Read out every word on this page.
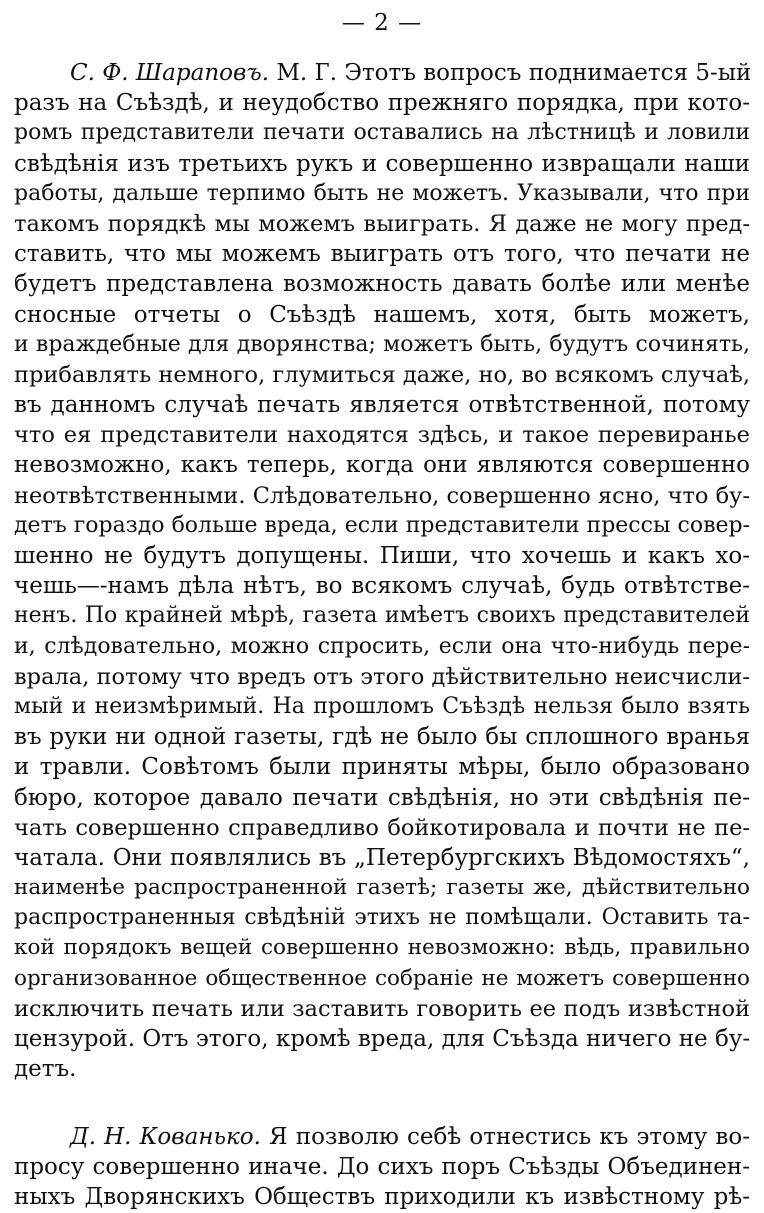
— 2 —
С. Ф. Шараповъ. М. Г. Этотъ вопросъ поднимается 5-ый
разъ на Съѣздѣ, и неудобство прежняго порядка, при кото-
ромъ представители печати оставались на лѣстницѣ и ловили
свѣдѣнія изъ третьихъ рукъ и совершенно извращали наши
работы, дальше терпимо быть не можетъ. Указывали, что при
такомъ порядкѣ мы можемъ выиграть. Я даже не могу пред-
ставить, что мы можемъ выиграть отъ того, что печати не
будетъ представлена возможность давать болѣе или менѣе
сносные отчеты о Съѣздѣ нашемъ, хотя, быть можетъ,
и враждебные для дворянства; можетъ быть, будутъ сочинять,
прибавлять немного, глумиться даже, но, во всякомъ случаѣ,
въ данномъ случаѣ печать является отвѣтственной, потому
что ея представители находятся здѣсь, и такое перевиранье
невозможно, какъ теперь, когда они являются совершенно
неотвѣтственными. Слѣдовательно, совершенно ясно, что бу-
детъ гораздо больше вреда, если представители прессы совер-
шенно не будутъ допущены. Пиши, что хочешь и какъ хо-
чешь—-намъ дѣла нѣтъ, во всякомъ случаѣ, будь отвѣтстве-
ненъ. По крайней мѣрѣ, газета имѣетъ своихъ представителей
и, слѣдовательно, можно спросить, если она что-нибудь пере-
врала, потому что вредъ отъ этого дѣйствительно неисчисли-
мый и неизмѣримый. На прошломъ Съѣздѣ нельзя было взять
въ руки ни одной газеты, гдѣ не было бы сплошного вранья
и травли. Совѣтомъ были приняты мѣры, было образовано
бюро, которое давало печати свѣдѣнія, но эти свѣдѣнія пе-
чать совершенно справедливо бойкотировала и почти не пе-
чатала. Они появлялись въ „Петербургскихъ Вѣдомостяхъ“,
наименѣе распространенной газетѣ; газеты же, дѣйствительно
распространенныя свѣдѣній этихъ не помѣщали. Оставить та-
кой порядокъ вещей совершенно невозможно: вѣдь, правильно
организованное общественное собраніе не можетъ совершенно
исключить печать или заставить говорить ее подъ извѣстной
цензурой. Отъ этого, кромѣ вреда, для Съѣзда ничего не бу-
детъ.
Д. Н. Кованько. Я позволю себѣ отнестись къ этому во-
просу совершенно иначе. До сихъ поръ Съѣзды Объединен-
ныхъ Дворянскихъ Обществъ приходили къ извѣстному рѣ-
